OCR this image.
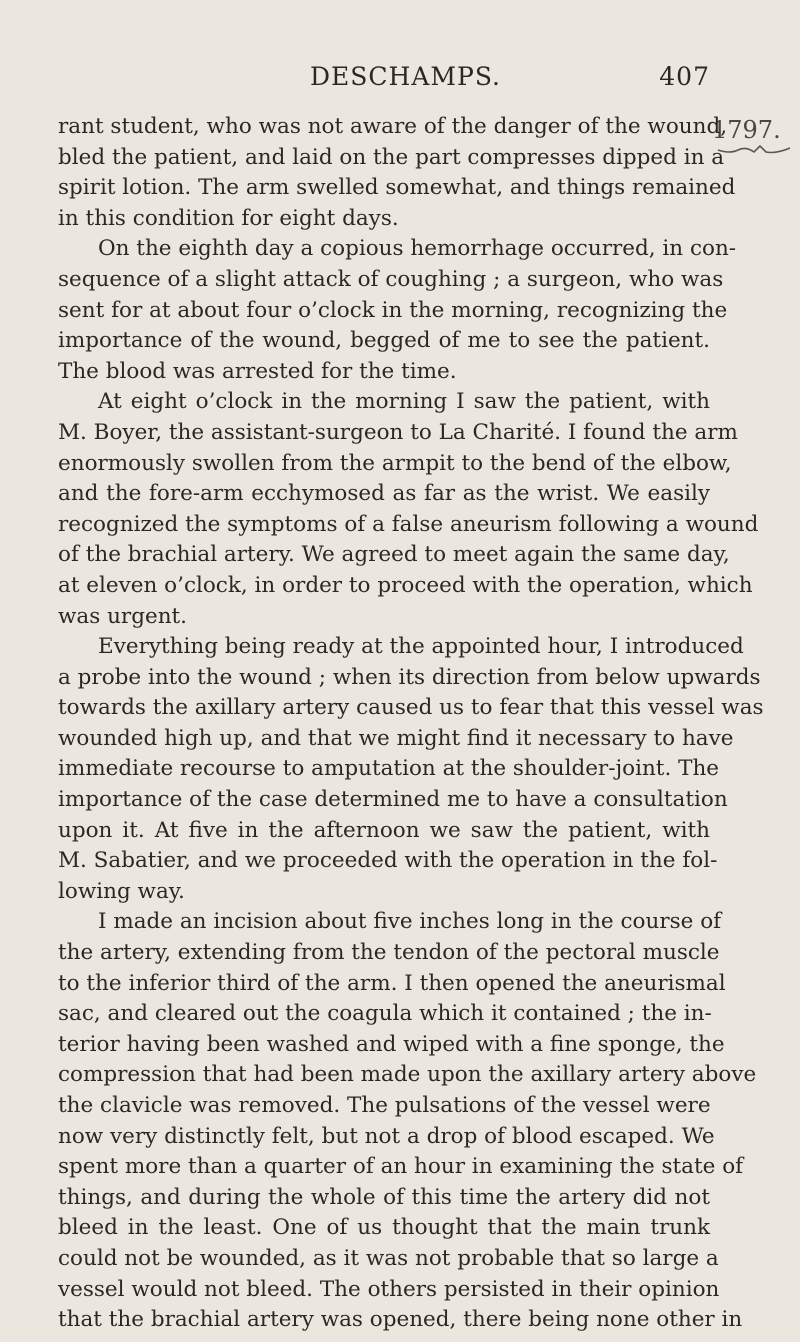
DESCHAMPS.	407
1797.
rant student, who was not aware of the danger of the wound,
bled the patient, and laid on the part compresses dipped in a
spirit lotion. The arm swelled somewhat, and things remained
in this condition for eight days.
On the eighth day a copious hemorrhage occurred, in con-
sequence of a slight attack of coughing ; a surgeon, who was
sent for at about four o’clock in the morning, recognizing the
importance of the wound, begged of me to see the patient.
The blood was arrested for the time.
At eight o’clock in the morning I saw the patient, with
M. Boyer, the assistant-surgeon to La Charité. I found the arm
enormously swollen from the armpit to the bend of the elbow,
and the fore-arm ecchymosed as far as the wrist. We easily
recognized the symptoms of a false aneurism following a wound
of the brachial artery. We agreed to meet again the same day,
at eleven o’clock, in order to proceed with the operation, which
was urgent.
Everything being ready at the appointed hour, I introduced
a probe into the wound ; when its direction from below upwards
towards the axillary artery caused us to fear that this vessel was
wounded high up, and that we might find it necessary to have
immediate recourse to amputation at the shoulder-joint. The
importance of the case determined me to have a consultation
upon it. At five in the afternoon we saw the patient, with
M. Sabatier, and we proceeded with the operation in the fol-
lowing way.
I made an incision about five inches long in the course of
the artery, extending from the tendon of the pectoral muscle
to the inferior third of the arm. I then opened the aneurismal
sac, and cleared out the coagula which it contained ; the in-
terior having been washed and wiped with a fine sponge, the
compression that had been made upon the axillary artery above
the clavicle was removed. The pulsations of the vessel were
now very distinctly felt, but not a drop of blood escaped. We
spent more than a quarter of an hour in examining the state of
things, and during the whole of this time the artery did not
bleed in the least. One of us thought that the main trunk
could not be wounded, as it was not probable that so large a
vessel would not bleed. The others persisted in their opinion
that the brachial artery was opened, there being none other in
